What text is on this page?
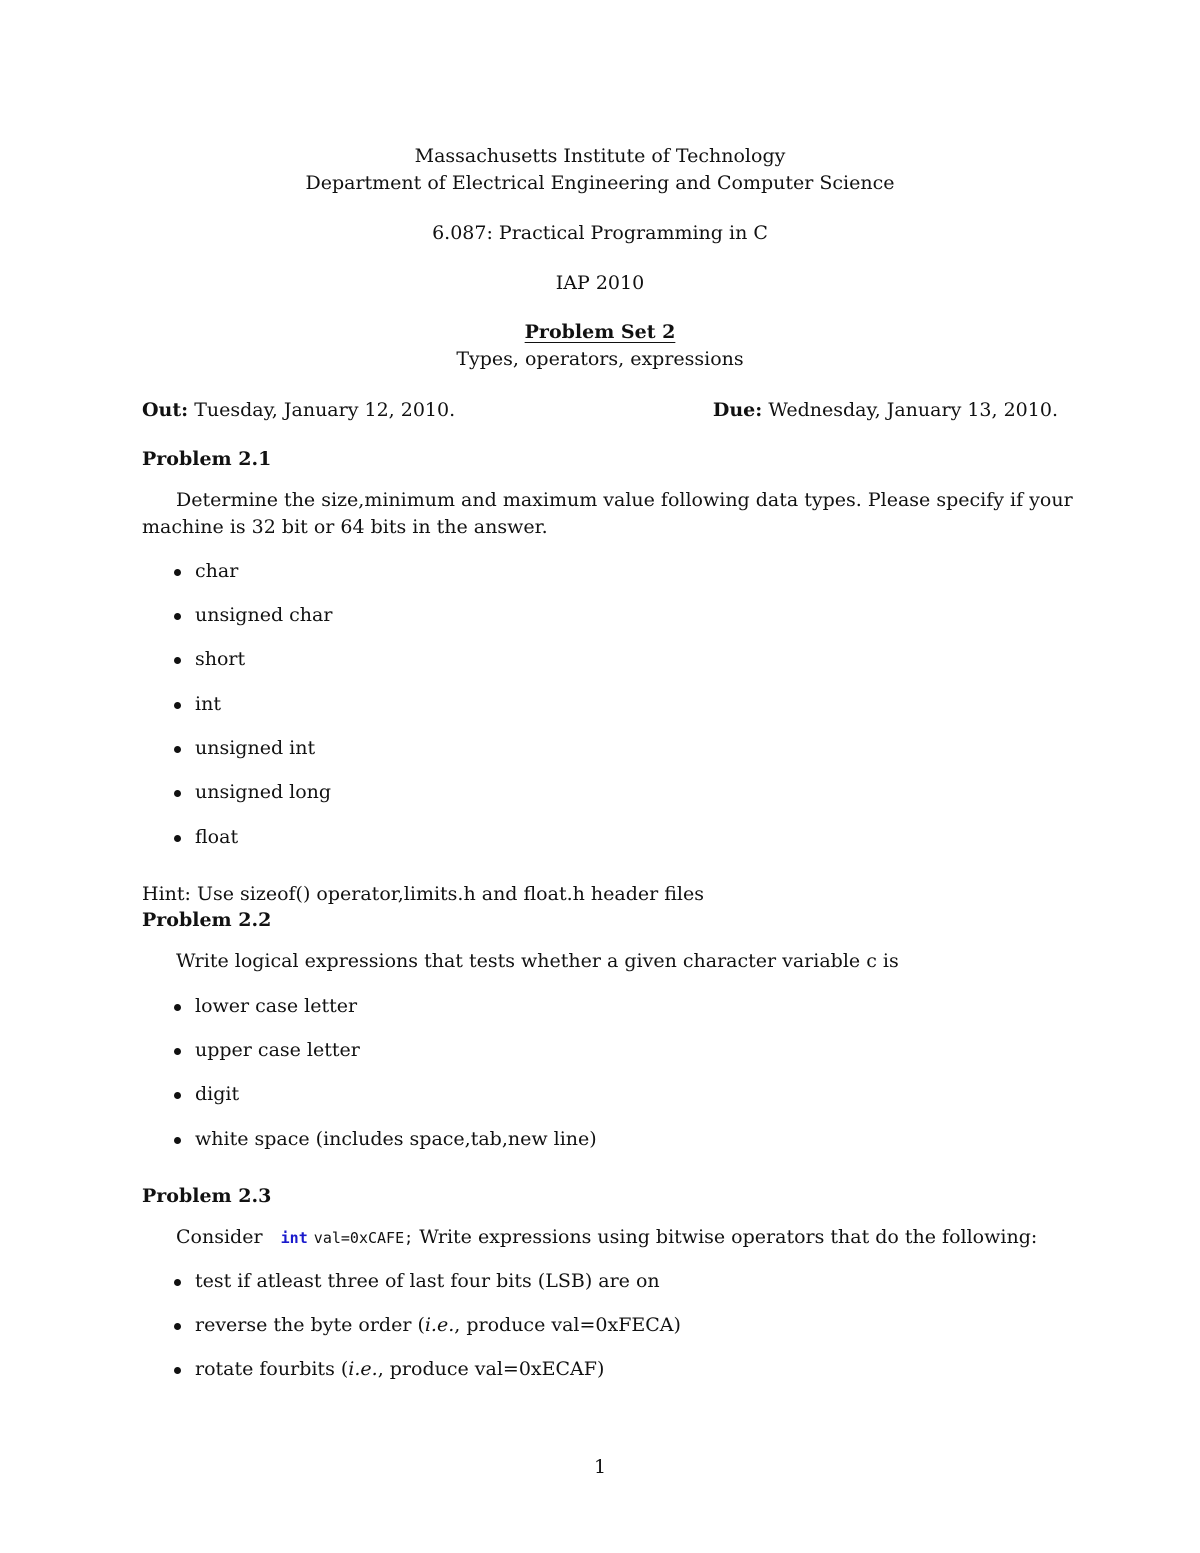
Massachusetts Institute of Technology
Department of Electrical Engineering and Computer Science
6.087: Practical Programming in C
IAP 2010
Problem Set 2
Types, operators, expressions
Out: Tuesday, January 12, 2010.	Due: Wednesday, January 13, 2010.
Problem 2.1
Determine the size,minimum and maximum value following data types. Please specify if your
machine is 32 bit or 64 bits in the answer.
char
unsigned char
short
int
unsigned int
unsigned long
float
Hint: Use sizeof() operator,limits.h and float.h header files
Problem 2.2
Write logical expressions that tests whether a given character variable c is
lower case letter
upper case letter
digit
white space (includes space,tab,new line)
Problem 2.3
Consider int val=0xCAFE; Write expressions using bitwise operators that do the following:
test if atleast three of last four bits (LSB) are on
reverse the byte order (i.e., produce val=0xFECA)
rotate fourbits (i.e., produce val=0xECAF)
1
